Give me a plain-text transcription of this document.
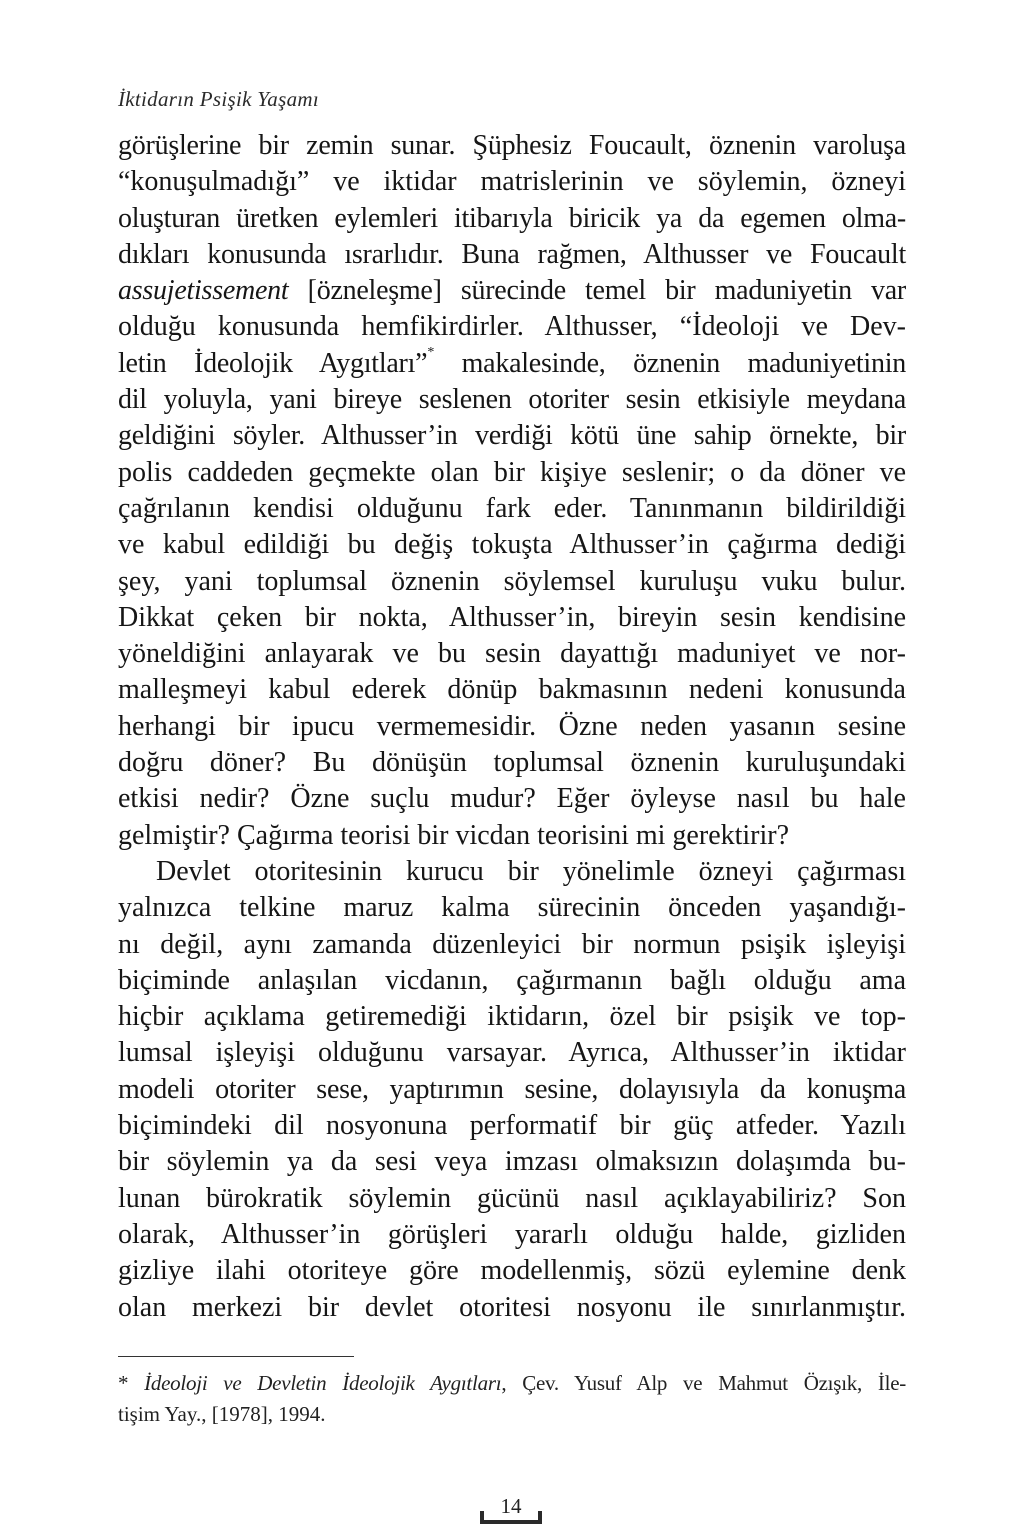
İktidarın Psişik Yaşamı
görüşlerine bir zemin sunar. Şüphesiz Foucault, öznenin varoluşa
“konuşulmadığı” ve iktidar matrislerinin ve söylemin, özneyi
oluşturan üretken eylemleri itibarıyla biricik ya da egemen olma-
dıkları konusunda ısrarlıdır. Buna rağmen, Althusser ve Foucault
assujetissement [özneleşme] sürecinde temel bir maduniyetin var
olduğu konusunda hemfikirdirler. Althusser, “İdeoloji ve Dev-
letin İdeolojik Aygıtları”* makalesinde, öznenin maduniyetinin
dil yoluyla, yani bireye seslenen otoriter sesin etkisiyle meydana
geldiğini söyler. Althusser’in verdiği kötü üne sahip örnekte, bir
polis caddeden geçmekte olan bir kişiye seslenir; o da döner ve
çağrılanın kendisi olduğunu fark eder. Tanınmanın bildirildiği
ve kabul edildiği bu değiş tokuşta Althusser’in çağırma dediği
şey, yani toplumsal öznenin söylemsel kuruluşu vuku bulur.
Dikkat çeken bir nokta, Althusser’in, bireyin sesin kendisine
yöneldiğini anlayarak ve bu sesin dayattığı maduniyet ve nor-
malleşmeyi kabul ederek dönüp bakmasının nedeni konusunda
herhangi bir ipucu vermemesidir. Özne neden yasanın sesine
doğru döner? Bu dönüşün toplumsal öznenin kuruluşundaki
etkisi nedir? Özne suçlu mudur? Eğer öyleyse nasıl bu hale
gelmiştir? Çağırma teorisi bir vicdan teorisini mi gerektirir?
Devlet otoritesinin kurucu bir yönelimle özneyi çağırması
yalnızca telkine maruz kalma sürecinin önceden yaşandığı-
nı değil, aynı zamanda düzenleyici bir normun psişik işleyişi
biçiminde anlaşılan vicdanın, çağırmanın bağlı olduğu ama
hiçbir açıklama getiremediği iktidarın, özel bir psişik ve top-
lumsal işleyişi olduğunu varsayar. Ayrıca, Althusser’in iktidar
modeli otoriter sese, yaptırımın sesine, dolayısıyla da konuşma
biçimindeki dil nosyonuna performatif bir güç atfeder. Yazılı
bir söylemin ya da sesi veya imzası olmaksızın dolaşımda bu-
lunan bürokratik söylemin gücünü nasıl açıklayabiliriz? Son
olarak, Althusser’in görüşleri yararlı olduğu halde, gizliden
gizliye ilahi otoriteye göre modellenmiş, sözü eylemine denk
olan merkezi bir devlet otoritesi nosyonu ile sınırlanmıştır.
* İdeoloji ve Devletin İdeolojik Aygıtları, Çev. Yusuf Alp ve Mahmut Özışık, İle-
tişim Yay., [1978], 1994.
14
